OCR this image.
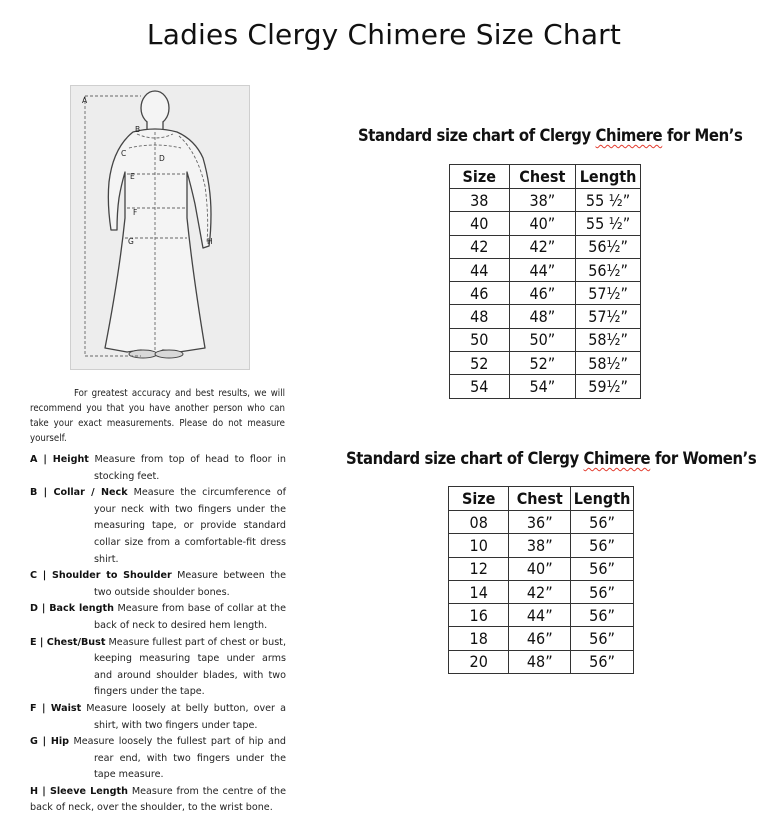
Ladies Clergy Chimere Size Chart
A
B
C
D
E
F
G	H
For greatest accuracy and best results, we will recommend you that you have another person who can take your exact measurements. Please do not measure yourself.
A | Height Measure from top of head to floor in stocking feet.
B | Collar / Neck Measure the circumference of your neck with two fingers under the measuring tape, or provide standard collar size from a comfortable-fit dress shirt.
C | Shoulder to Shoulder Measure between the two outside shoulder bones.
D | Back length Measure from base of collar at the back of neck to desired hem length.
E | Chest/Bust Measure fullest part of chest or bust, keeping measuring tape under arms and around shoulder blades, with two fingers under the tape.
F | Waist Measure loosely at belly button, over a shirt, with two fingers under tape.
G | Hip Measure loosely the fullest part of hip and rear end, with two fingers under the tape measure.
H | Sleeve Length Measure from the centre of the back of neck, over the shoulder, to the wrist bone.
Standard size chart of Clergy Chimere for Men’s
Size	Chest	Length
38	38”	55 ½”
40	40”	55 ½”
42	42”	56½”
44	44”	56½”
46	46”	57½”
48	48”	57½”
50	50”	58½”
52	52”	58½”
54	54”	59½”
Standard size chart of Clergy Chimere for Women’s
Size	Chest	Length
08	36”	56”
10	38”	56”
12	40”	56”
14	42”	56”
16	44”	56”
18	46”	56”
20	48”	56”
